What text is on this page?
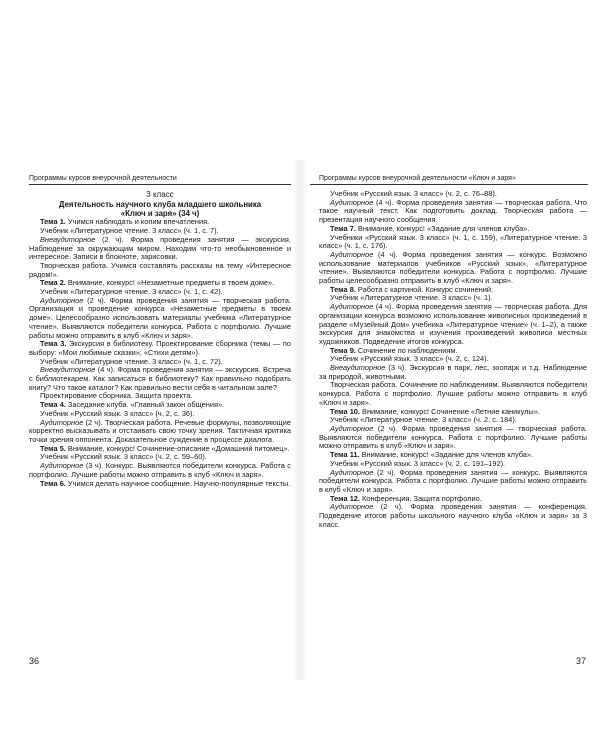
Программы курсов внеурочной деятельности

3 класс

Деятельность научного клуба младшего школьника
«Ключ и заря» (34 ч)

Тема 1. Учимся наблюдать и копим впечатления.

Учебник «Литературное чтение. 3 класс» (ч. 1, с. 7).

Внеаудиторное (2 ч). Форма проведения занятия — экскурсия. Наблюдение за окружающим миром. Находим что-то необыкновенное и интересное. Записи в блокноте, зарисовки.

Творческая работа. Учимся составлять рассказы на тему «Интересное рядом!».

Тема 2. Внимание, конкурс! «Незаметные предметы в твоем доме».

Учебник «Литературное чтение. 3 класс» (ч. 1, с. 42).

Аудиторное (2 ч). Форма проведения занятия — творческая работа. Организация и проведение конкурса «Незаметные предметы в твоем доме». Целесообразно использовать материалы учебника «Литературное чтение». Выявляются победители конкурса. Работа с портфолио. Лучшие работы можно отправить в клуб «Ключ и заря».

Тема 3. Экскурсия в библиотеку. Проектирование сборника (темы — по выбору: «Мои любимые сказки»; «Стихи детям»).

Учебник «Литературное чтение. 3 класс» (ч. 1, с. 72).

Внеаудиторное (4 ч). Форма проведения занятия — экскурсия. Встреча с библиотекарем. Как записаться в библиотеку? Как правильно подобрать книгу? Что такое каталог? Как правильно вести себя в читальном зале?

Проектирование сборника. Защита проекта.

Тема 4. Заседание клуба. «Главный закон общения».

Учебник «Русский язык. 3 класс» (ч. 2, с. 36).

Аудиторное (2 ч). Творческая работа. Речевые формулы, позволяющие корректно высказывать и отстаивать свою точку зрения. Тактичная критика точки зрения оппонента. Доказательное суждение в процессе диалога.

Тема 5. Внимание, конкурс! Сочинение-описание «Домашний питомец».

Учебник «Русский язык. 3 класс» (ч. 2, с. 59–60).

Аудиторное (3 ч). Конкурс. Выявляются победители конкурса. Работа с портфолио. Лучшие работы можно отправить в клуб «Ключ и заря».

Тема 6. Учимся делать научное сообщение. Научно-популярные тексты.

36
Программы курсов внеурочной деятельности «Ключ и заря»

Учебник «Русский язык. 3 класс» (ч. 2, с. 76–88).

Аудиторное (4 ч). Форма проведения занятия — творческая работа. Что такое научный текст. Как подготовить доклад. Творческая работа — презентация научного сообщения.

Тема 7. Внимание, конкурс! «Задание для членов клуба».

Учебники «Русский язык. 3 класс» (ч. 1, с. 159), «Литературное чтение. 3 класс» (ч. 1, с. 176).

Аудиторное (4 ч). Форма проведения занятия — конкурс. Возможно использование материалов учебников «Русский язык», «Литературное чтение». Выявляются победители конкурса. Работа с портфолио. Лучшие работы целесообразно отправить в клуб «Ключ и заря».

Тема 8. Работа с картиной. Конкурс сочинений.

Учебник «Литературное чтение. 3 класс» (ч. 1).

Аудиторное (4 ч). Форма проведения занятия — творческая работа. Для организации конкурса возможно использование живописных произведений в разделе «Музейный Дом» учебника «Литературное чтение» (ч. 1–2), а также экскурсия для знакомства и изучения произведений живописи местных художников. Подведение итогов конкурса.

Тема 9. Сочинение по наблюдениям.

Учебник «Русский язык. 3 класс» (ч. 2, с. 124).

Внеаудиторное (3 ч). Экскурсия в парк, лес, зоопарк и т.д. Наблюдение за природой, животными.

Творческая работа. Сочинение по наблюдениям. Выявляются победители конкурса. Работа с портфолио. Лучшие работы можно отправить в клуб «Ключ и заря».

Тема 10. Внимание, конкурс! Сочинение «Летние каникулы».

Учебник «Литературное чтение. 3 класс» (ч. 2, с. 184).

Аудиторное (2 ч). Форма проведения занятия — творческая работа. Выявляются победители конкурса. Работа с портфолио. Лучшие работы можно отправить в клуб «Ключ и заря».

Тема 11. Внимание, конкурс! «Задание для членов клуба».

Учебник «Русский язык. 3 класс» (ч. 2, с. 191–192).

Аудиторное (2 ч). Форма проведения занятия — конкурс. Выявляются победители конкурса. Работа с портфолио. Лучшие работы можно отправить в клуб «Ключ и заря».

Тема 12. Конференция. Защита портфолио.

Аудиторное (2 ч). Форма проведения занятия — конференция. Подведение итогов работы школьного научного клуба «Ключ и заря» за 3 класс.

37
